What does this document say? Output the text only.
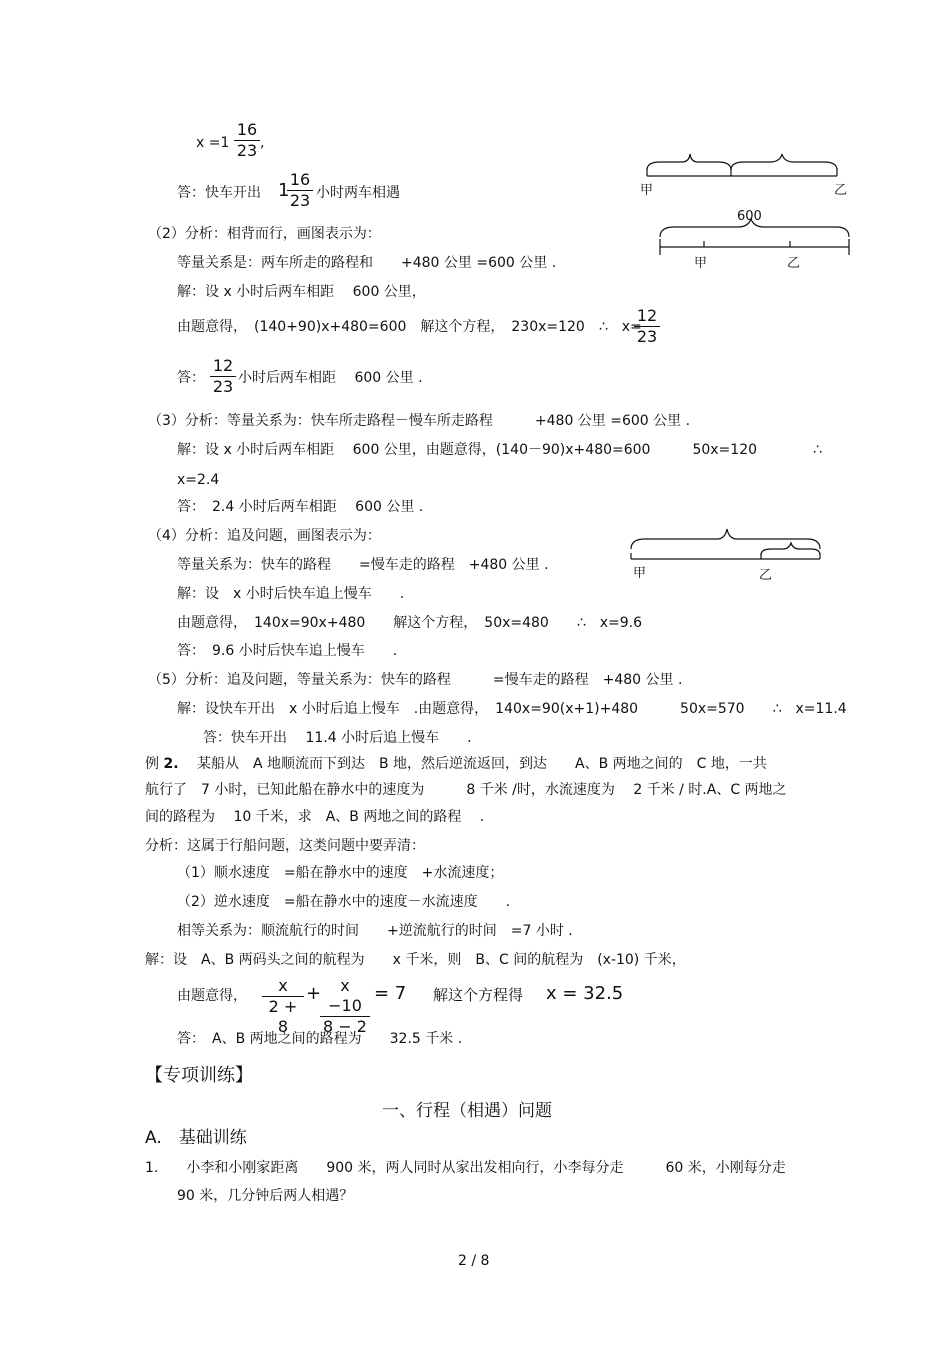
$x =1 \frac{16}{23}$ ,
答：快车开出 1
$\frac{16}{23}$ 小时两车相遇
（2）分析：相背而行，画图表示为：
等量关系是：两车所走的路程和　　+480 公里 =600 公里 .
解：设 x 小时后两车相距　 600 公里，
由题意得，　(140+90)x+480=600　解这个方程，　230x=120　∴　x=
$\frac{12}{23}$
答： $\frac{12}{23}$ 小时后两车相距　 600 公里 .
（3）分析：等量关系为：快车所走路程－慢车所走路程　　　+480 公里 =600 公里 .
解：设 x 小时后两车相距　 600 公里，由题意得，(140－90)x+480=600　　　50x=120　　　　∴
x=2.4
答：　2.4 小时后两车相距　 600 公里 .
（4）分析：追及问题，画图表示为：
等量关系为：快车的路程　　=慢车走的路程　+480 公里 .
解：设　x 小时后快车追上慢车　　.
由题意得，　140x=90x+480　　解这个方程，　50x=480　　∴　x=9.6
答：　9.6 小时后快车追上慢车　　.
（5）分析：追及问题，等量关系为：快车的路程　　　=慢车走的路程　+480 公里 .
解：设快车开出　x 小时后追上慢车　.由题意得，　140x=90(x+1)+480　　　50x=570　　∴　x=11.4
答：快车开出　 11.4 小时后追上慢车　　.
例 2. 　某船从　A 地顺流而下到达　B 地，然后逆流返回，到达　　A、B 两地之间的　C 地，一共
航行了　7 小时，已知此船在静水中的速度为　　　8 千米 /时，水流速度为　 2 千米 / 时.A、C 两地之
间的路程为　 10 千米，求　A、B 两地之间的路程　 .
分析：这属于行船问题，这类问题中要弄清：
（1）顺水速度　=船在静水中的速度　+水流速度；
（2）逆水速度　=船在静水中的速度－水流速度　　.
相等关系为：顺流航行的时间　　+逆流航行的时间　=7 小时 .
解：设　A、B 两码头之间的航程为　　x 千米，则　B、C 间的航程为　(x-10) 千米，
由题意得， $\frac{x}{2 + 8}$ +
$\frac{x -10}{8 - 2} = 7$ 解这个方程得 x = 32.5
答：　A、B 两地之间的路程为　　32.5 千米 .
【专项训练】
一、行程（相遇）问题
A.　基础训练
1.　　小李和小刚家距离　　900 米，两人同时从家出发相向行，小李每分走　　　60 米，小刚每分走
90 米，几分钟后两人相遇？
2 / 8
甲	乙
600
甲	乙
甲	乙
